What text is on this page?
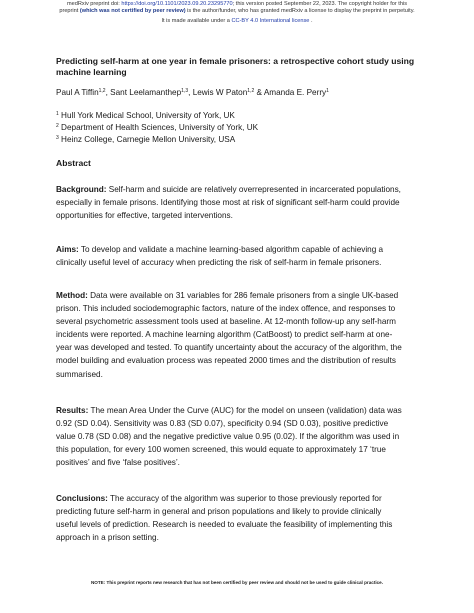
medRxiv preprint doi: https://doi.org/10.1101/2023.09.20.23295770; this version posted September 22, 2023. The copyright holder for this
preprint (which was not certified by peer review) is the author/funder, who has granted medRxiv a license to display the preprint in perpetuity.
It is made available under a CC-BY 4.0 International license .
Predicting self-harm at one year in female prisoners: a retrospective cohort study using machine learning
Paul A Tiffin$^{1,2}$, Sant Leelamanthep$^{1,3}$, Lewis W Paton$^{1,2}$ & Amanda E. Perry$^1$
$^1$ Hull York Medical School, University of York, UK
$^2$ Department of Health Sciences, University of York, UK
$^3$ Heinz College, Carnegie Mellon University, USA
Abstract
Background: Self-harm and suicide are relatively overrepresented in incarcerated populations,
especially in female prisons. Identifying those most at risk of significant self-harm could provide
opportunities for effective, targeted interventions.
Aims: To develop and validate a machine learning-based algorithm capable of achieving a
clinically useful level of accuracy when predicting the risk of self-harm in female prisoners.
Method: Data were available on 31 variables for 286 female prisoners from a single UK-based
prison. This included sociodemographic factors, nature of the index offence, and responses to
several psychometric assessment tools used at baseline. At 12-month follow-up any self-harm
incidents were reported. A machine learning algorithm (CatBoost) to predict self-harm at one-
year was developed and tested. To quantify uncertainty about the accuracy of the algorithm, the
model building and evaluation process was repeated 2000 times and the distribution of results
summarised.
Results: The mean Area Under the Curve (AUC) for the model on unseen (validation) data was
0.92 (SD 0.04). Sensitivity was 0.83 (SD 0.07), specificity 0.94 (SD 0.03), positive predictive
value 0.78 (SD 0.08) and the negative predictive value 0.95 (0.02). If the algorithm was used in
this population, for every 100 women screened, this would equate to approximately 17 ‘true
positives’ and five ‘false positives’.
Conclusions: The accuracy of the algorithm was superior to those previously reported for
predicting future self-harm in general and prison populations and likely to provide clinically
useful levels of prediction. Research is needed to evaluate the feasibility of implementing this
approach in a prison setting.
NOTE: This preprint reports new research that has not been certified by peer review and should not be used to guide clinical practice.
